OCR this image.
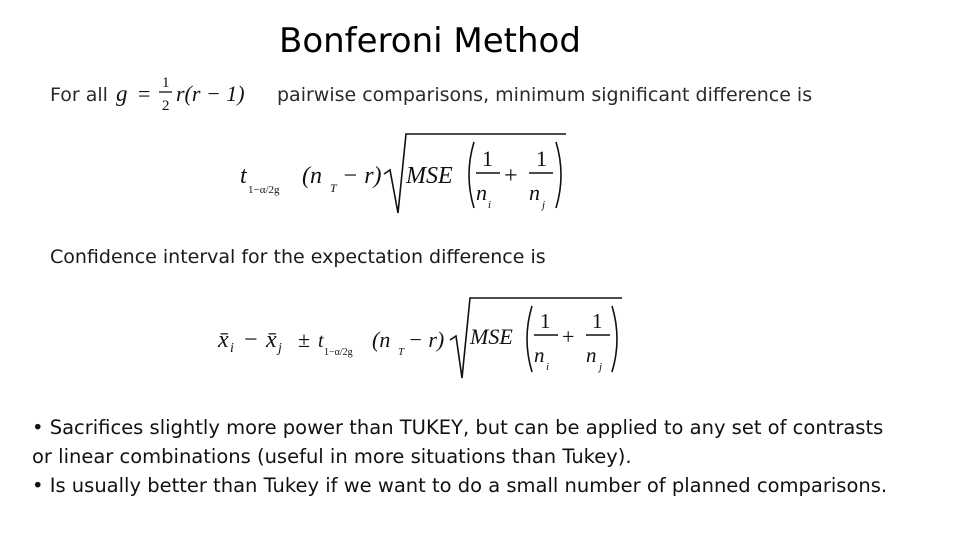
Bonferoni Method
For all g = 1
2 r(r − 1) pairwise comparisons, minimum significant difference is
t
1−α/2g
(n T − r) MSE
1
n i
+
1
n j
Confidence interval for the expectation difference is
x̄ i − x̄ j ± t
1−α/2g
(n T − r) MSE
1
n i
+
1
n j
• Sacrifices slightly more power than TUKEY, but can be applied to any set of contrasts
or linear combinations (useful in more situations than Tukey).
• Is usually better than Tukey if we want to do a small number of planned comparisons.
